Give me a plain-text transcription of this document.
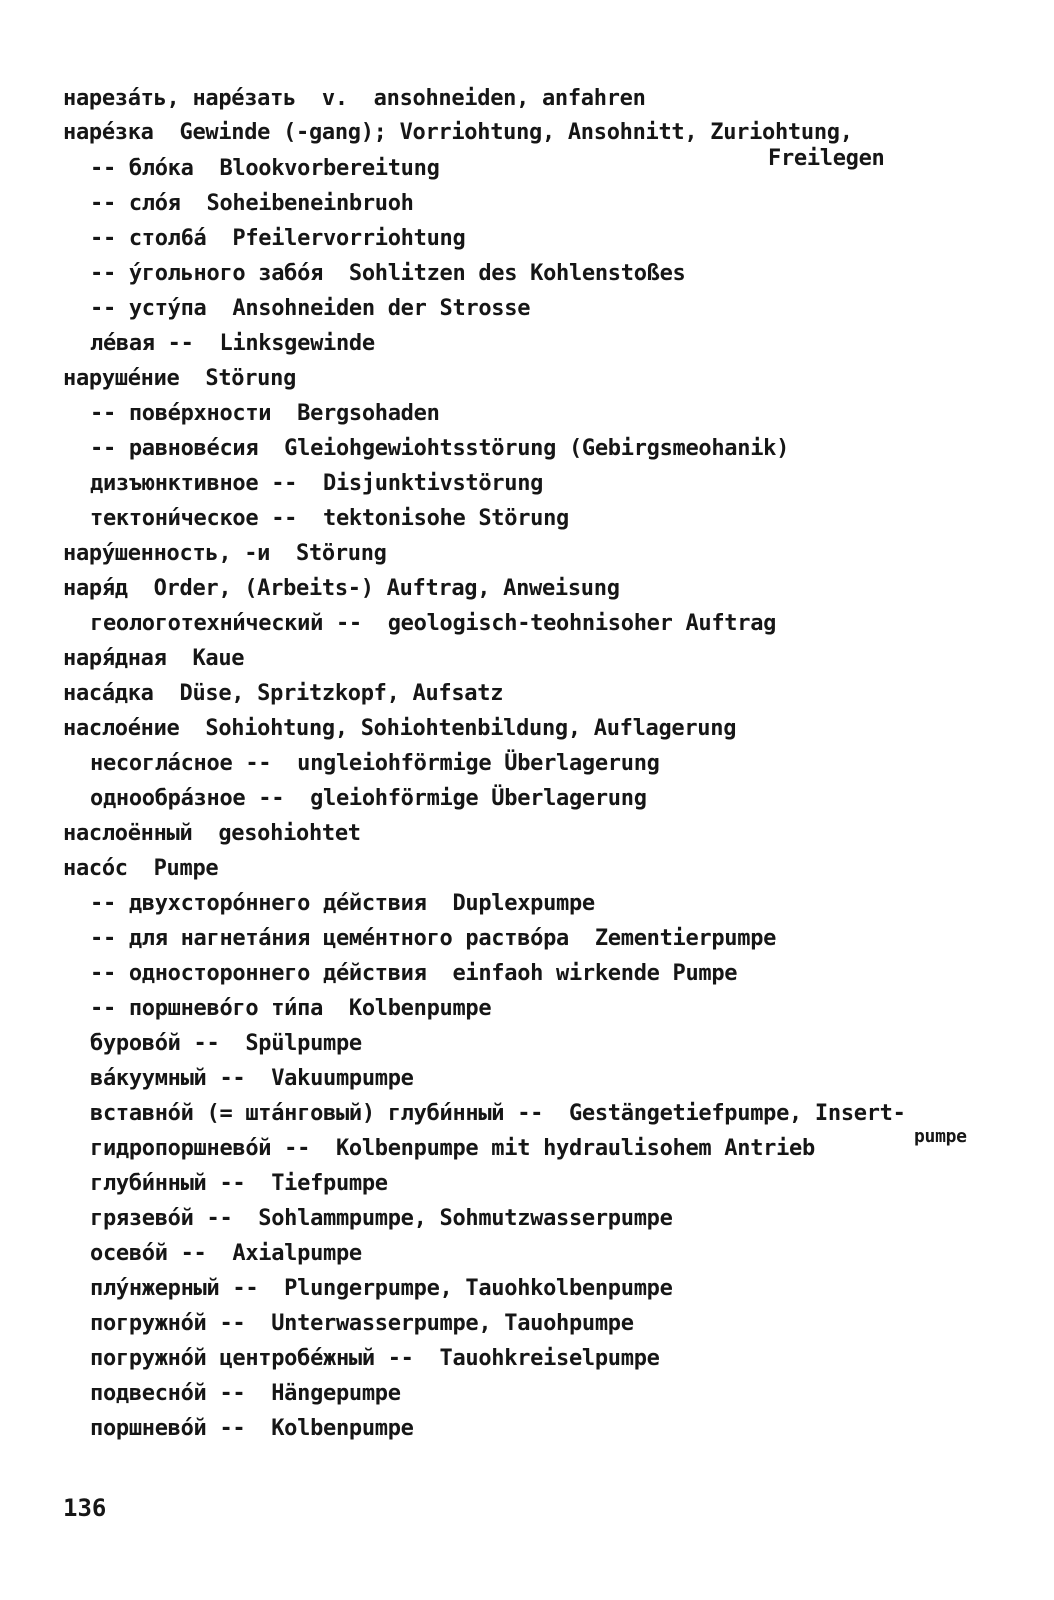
нарезáть, нарéзать  v.  ansohneiden, anfahren
нарéзка  Gewinde (-gang); Vorriohtung, Ansohnitt, Zuriohtung,
Freilegen
-- блóка  Blookvorbereitung
-- слóя  Soheibeneinbruoh
-- стол6á  Pfeilervorriohtung
-- ýгольного забóя  Sohlitzen des Kohlenstoßes
-- устýпа  Ansohneiden der Strosse
лéвая --  Linksgewinde
нарушéние  Störung
-- повéрхности  Bergsohaden
-- равновéсия  Gleiohgewiohtsstörung (Gebirgsmeohanik)
дизъюнктивное --  Disjunktivstörung
тектони́ческое --  tektonisohe Störung
нарýшенность, -и  Störung
наря́д  Order, (Arbeits-) Auftrag, Anweisung
геологотехни́ческий --  geologisch-teohnisoher Auftrag
наря́дная  Kaue
насáдка  Düse, Spritzkopf, Aufsatz
наслоéние  Sohiohtung, Sohiohtenbildung, Auflagerung
несоглáсное --  ungleiohförmige Überlagerung
однообрáзное --  gleiohförmige Überlagerung
наслоённый  gesohiohtet
насóс  Pumpe
-- двухсторóннего дéйствия  Duplexpumpe
-- для нагнетáния цемéнтного раствóра  Zementierpumpe
-- одностороннего дéйствия  einfaoh wirkende Pumpe
-- поршневóго ти́па  Kolbenpumpe
буровóй --  Spülpumpe
вáкуумный --  Vakuumpumpe
вставнóй (= штáнговый) глуби́нный --  Gestängetiefpumpe, Insert-
гидропоршневóй --  Kolbenpumpe mit hydraulisohem Antrieb	pumpe
глуби́нный --  Tiefpumpe
грязевóй --  Sohlammpumpe, Sohmutzwasserpumpe
осевóй --  Axialpumpe
плýнжерный --  Plungerpumpe, Tauohkolbenpumpe
погружнóй --  Unterwasserpumpe, Tauohpumpe
погружнóй центробéжный --  Tauohkreiselpumpe
подвеснóй --  Hängepumpe
поршневóй --  Kolbenpumpe
136
